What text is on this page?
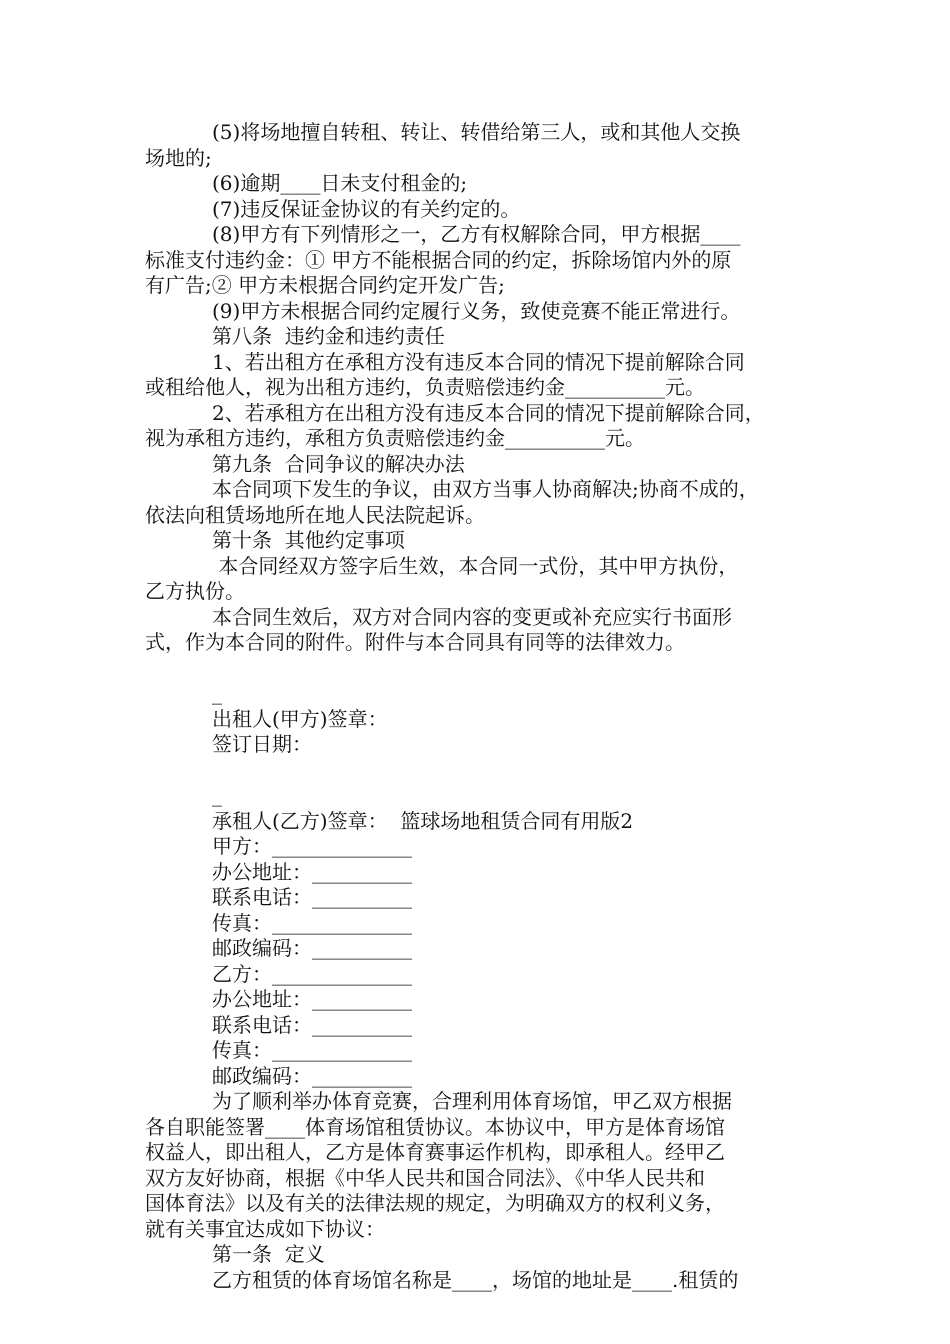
(5)将场地擅自转租、转让、转借给第三人，或和其他人交换
场地的;
(6)逾期____日未支付租金的;
(7)违反保证金协议的有关约定的。
(8)甲方有下列情形之一，乙方有权解除合同，甲方根据____
标准支付违约金：① 甲方不能根据合同的约定，拆除场馆内外的原
有广告;② 甲方未根据合同约定开发广告;
(9)甲方未根据合同约定履行义务，致使竞赛不能正常进行。
第八条  违约金和违约责任
1、若出租方在承租方没有违反本合同的情况下提前解除合同
或租给他人，视为出租方违约，负责赔偿违约金__________元。
2、若承租方在出租方没有违反本合同的情况下提前解除合同，
视为承租方违约，承租方负责赔偿违约金__________元。
第九条  合同争议的解决办法
本合同项下发生的争议，由双方当事人协商解决;协商不成的，
依法向租赁场地所在地人民法院起诉。
第十条  其他约定事项
本合同经双方签字后生效，本合同一式份，其中甲方执份，
乙方执份。
本合同生效后，双方对合同内容的变更或补充应实行书面形
式，作为本合同的附件。附件与本合同具有同等的法律效力。
_
出租人(甲方)签章：
签订日期：
_
承租人(乙方)签章：  篮球场地租赁合同有用版2
甲方：______________
办公地址：__________
联系电话：__________
传真：______________
邮政编码：__________
乙方：______________
办公地址：__________
联系电话：__________
传真：______________
邮政编码：__________
为了顺利举办体育竞赛，合理利用体育场馆，甲乙双方根据
各自职能签署____体育场馆租赁协议。本协议中，甲方是体育场馆
权益人，即出租人，乙方是体育赛事运作机构，即承租人。经甲乙
双方友好协商，根据《中华人民共和国合同法》、《中华人民共和
国体育法》以及有关的法律法规的规定，为明确双方的权利义务，
就有关事宜达成如下协议：
第一条  定义
乙方租赁的体育场馆名称是____，场馆的地址是____.租赁的
